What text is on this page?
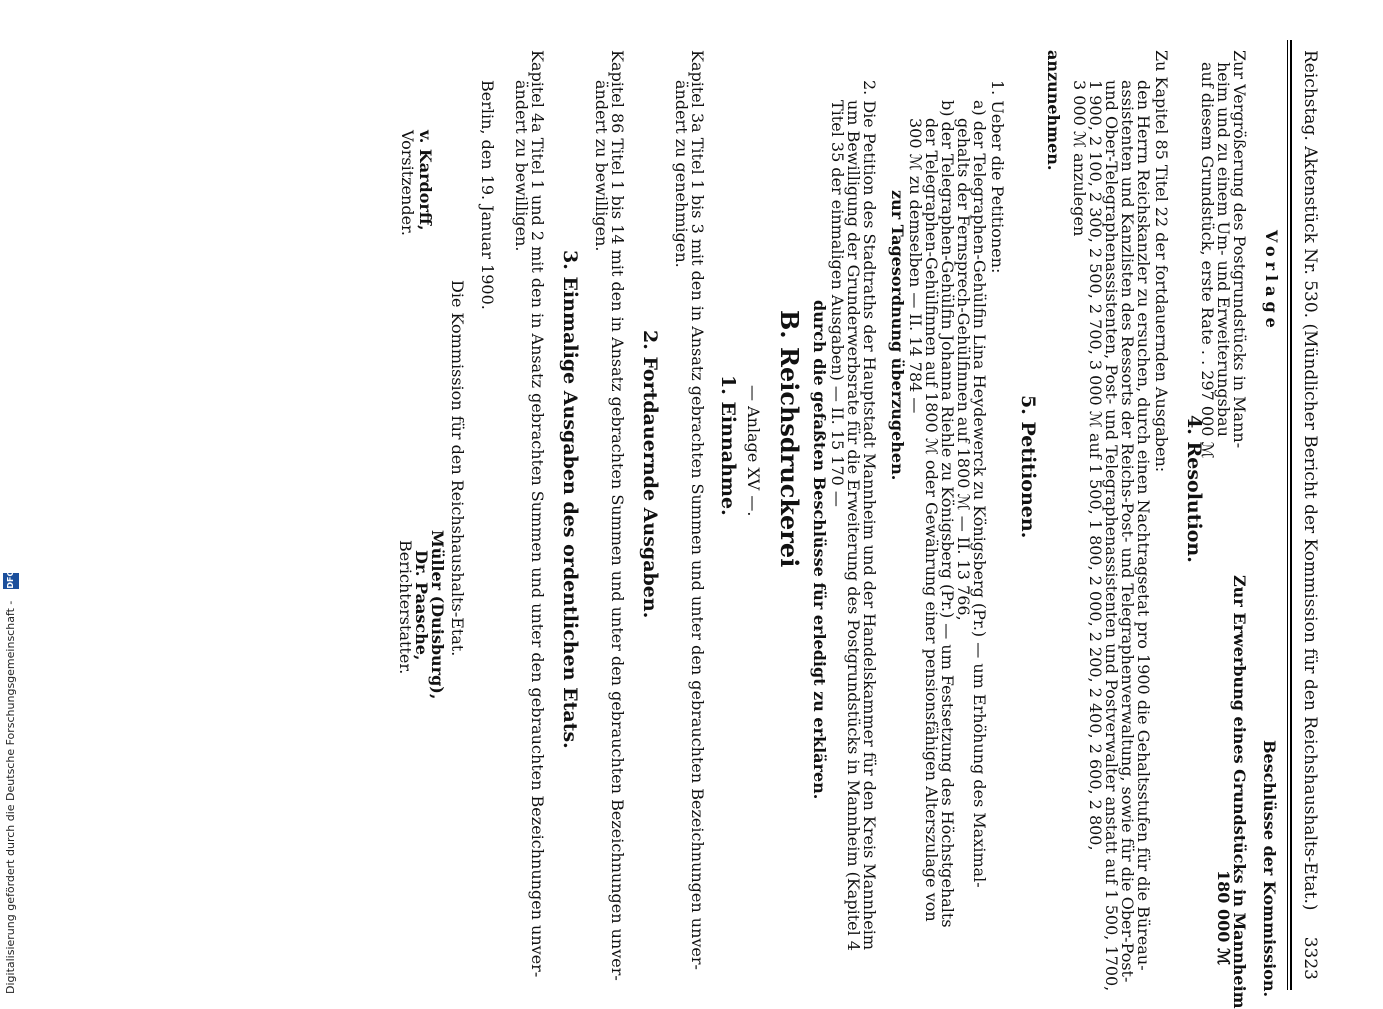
Reichstag. Aktenstück Nr. 530. (Mündlicher Bericht der Kommission für den Reichshaushalts-Etat.)
3323
Vorlage
Beschlüsse der Kommission.
Zur Vergrößerung des Postgrundstücks in Mann-
heim und zu einem Um- und Erweiterungsbau
auf diesem Grundstück, erste Rate . . 297 000 ℳ
Zur Erwerbung eines Grundstücks in Mannheim
180 000 ℳ
4. Resolution.
Zu Kapitel 85 Titel 22 der fortdauernden Ausgaben:
den Herrn Reichskanzler zu ersuchen, durch einen Nachtragsetat pro 1900 die Gehaltsstufen für die Büreau-
assistenten und Kanzlisten des Ressorts der Reichs-Post- und Telegraphenverwaltung, sowie für die Ober-Post-
und Ober-Telegraphenassistenten, Post- und Telegraphenassistenten und Postverwalter anstatt auf 1 500, 1700,
1 900, 2 100, 2 300, 2 500, 2 700, 3 000 ℳ auf 1 500, 1 800, 2 000, 2 200, 2 400, 2 600, 2 800,
3 000 ℳ anzulegen
anzunehmen.
5. Petitionen.
1. Ueber die Petitionen:
a) der Telegraphen-Gehülfin Lina Heydewerck zu Königsberg (Pr.) — um Erhöhung des Maximal-
gehalts der Fernsprech-Gehülfinnen auf 1800 ℳ — II. 13 766,
b) der Telegraphen-Gehülfin Johanna Riehle zu Königsberg (Pr.) — um Festsetzung des Höchstgehalts
der Telegraphen-Gehülfinnen auf 1800 ℳ oder Gewährung einer pensionsfähigen Alterszulage von
300 ℳ zu demselben — II. 14 784 —
zur Tagesordnung überzugehen.
2. Die Petition des Stadtraths der Hauptstadt Mannheim und der Handelskammer für den Kreis Mannheim
um Bewilligung der Grunderwerbsrate für die Erweiterung des Postgrundstücks in Mannheim (Kapitel 4
Titel 35 der einmaligen Ausgaben) — II. 15 170 —
durch die gefaßten Beschlüsse für erledigt zu erklären.
B. Reichsdruckerei
— Anlage XV —.
1. Einnahme.
Kapitel 3a Titel 1 bis 3 mit den in Ansatz gebrachten Summen und unter den gebrauchten Bezeichnungen unver-
ändert zu genehmigen.
2. Fortdauernde Ausgaben.
Kapitel 86 Titel 1 bis 14 mit den in Ansatz gebrachten Summen und unter den gebrauchten Bezeichnungen unver-
ändert zu bewilligen.
3. Einmalige Ausgaben des ordentlichen Etats.
Kapitel 4a Titel 1 und 2 mit den in Ansatz gebrachten Summen und unter den gebrauchten Bezeichnungen unver-
ändert zu bewilligen.
Berlin, den 19. Januar 1900.
Die Kommission für den Reichshaushalts-Etat.
v. Kardorff,
Vorsitzender.
Müller (Duisburg),
Dr. Paasche,
Berichterstatter.
Digitalisierung gefördert durch die Deutsche Forschungsgemeinschaft -
DFG
